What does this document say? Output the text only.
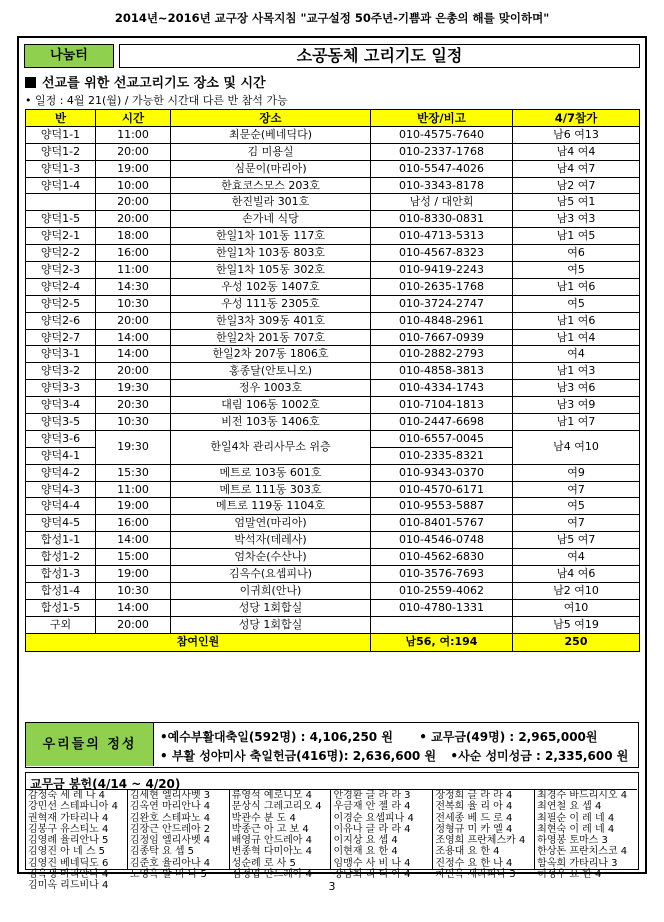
2014년~2016년 교구장 사목지침 "교구설정 50주년-기쁨과 은총의 해를 맞이하며"
나눔터	소공동체 고리기도 일정
선교를 위한 선교고리기도 장소 및 시간
• 일정 : 4월 21(월) / 가능한 시간대 다른 반 참석 가능
반	시간	장소	반장/비고	4/7참가
양덕1-1	11:00	최문순(베네딕다)	010-4575-7640	남6 여13
양덕1-2	20:00	김 미용실	010-2337-1768	남4 여4
양덕1-3	19:00	심문이(마리아)	010-5547-4026	남4 여7
양덕1-4	10:00	한효코스모스 203호	010-3343-8178	남2 여7
	20:00	한진빌라 301호	남성 / 대안회	남5 여1
양덕1-5	20:00	손가네 식당	010-8330-0831	남3 여3
양덕2-1	18:00	한일1차 101동 117호	010-4713-5313	남1 여5
양덕2-2	16:00	한일1차 103동 803호	010-4567-8323	여6
양덕2-3	11:00	한일1차 105동 302호	010-9419-2243	여5
양덕2-4	14:30	우성 102동 1407호	010-2635-1768	남1 여6
양덕2-5	10:30	우성 111동 2305호	010-3724-2747	여5
양덕2-6	20:00	한일3차 309동 401호	010-4848-2961	남1 여6
양덕2-7	14:00	한일2차 201동 707호	010-7667-0939	남1 여4
양덕3-1	14:00	한일2차 207동 1806호	010-2882-2793	여4
양덕3-2	20:00	홍종달(안토니오)	010-4858-3813	남1 여3
양덕3-3	19:30	정우 1003호	010-4334-1743	남3 여6
양덕3-4	20:30	대림 106동 1002호	010-7104-1813	남3 여9
양덕3-5	10:30	비전 103동 1406호	010-2447-6698	남1 여7
양덕3-6	19:30	한일4차 관리사무소 위층	010-6557-0045	남4 여10
양덕4-1			010-2335-8321	
양덕4-2	15:30	메트로 103동 601호	010-9343-0370	여9
양덕4-3	11:00	메트로 111동 303호	010-4570-6171	여7
양덕4-4	19:00	메트로 119동 1104호	010-9553-5887	여5
양덕4-5	16:00	엄말연(마리아)	010-8401-5767	여7
합성1-1	14:00	박석자(데레사)	010-4546-0748	남5 여7
합성1-2	15:00	엄차순(수산나)	010-4562-6830	여4
합성1-3	19:00	김옥수(요셉피나)	010-3576-7693	남4 여6
합성1-4	10:30	이귀희(안나)	010-2559-4062	남2 여10
합성1-5	14:00	성당 1회합실	010-4780-1331	여10
구외	20:00	성당 1회합실		남5 여19
참여인원			남56, 여:194	250
우리들의 정성	•예수부활대축일(592명) : 4,106,250 원 • 교무금(49명) : 2,965,000원
• 부활 성야미사 축일헌금(416명): 2,636,600 원 •사순 성미성금 : 2,335,600 원
교무금 봉헌(4/14 ~ 4/20)
감정숙 세 레 나 4
강민선 스테파니아 4
권혁재 가타리나 4
김봉구 유스티노 4
김영례 율리안나 5
김영진 아 네 스 5
김영진 베네딕도 6
김옥생 마리안나 4
김미옥 리드비나 4
김세현 엘리사벳 3
김옥연 마리안나 4
김완호 스테파노 4
김장근 안드레아 2
김정임 엘리사벳 4
김종탁 요 셉 5
김준호 율리아나 4
노영옥 발 비 나 5
류영석 예로니모 4
문상식 그레고리오 4
박관수 분 도 4
박종근 아 고 보 4
배영규 안드레아 4
변종혁 다미아노 4
성순례 로 사 5
심정업 안드레아 4
안경환 글 라 라 3
우금재 안 젤 라 4
이경순 요셉피나 4
이유나 글 라 라 4
이지상 요 셉 4
이현재 요 한 4
임맹수 사 비 나 4
장남희 리 디 아 4
장정희 글 라 라 4
전복희 율 리 아 4
전세종 베 드 로 4
정형규 미 카 엘 4
조영희 프란체스카 4
조용대 요 한 4
진정수 요 한 나 4
차인옥 세라피나 3
최경수 바드리시오 4
최연철 요 셉 4
최필순 이 레 네 4
최현숙 이 레 네 4
하영봉 토마스 3
한상돈 프란치스코 4
함옥희 가타리나 3
허성우 요 한 4
3
